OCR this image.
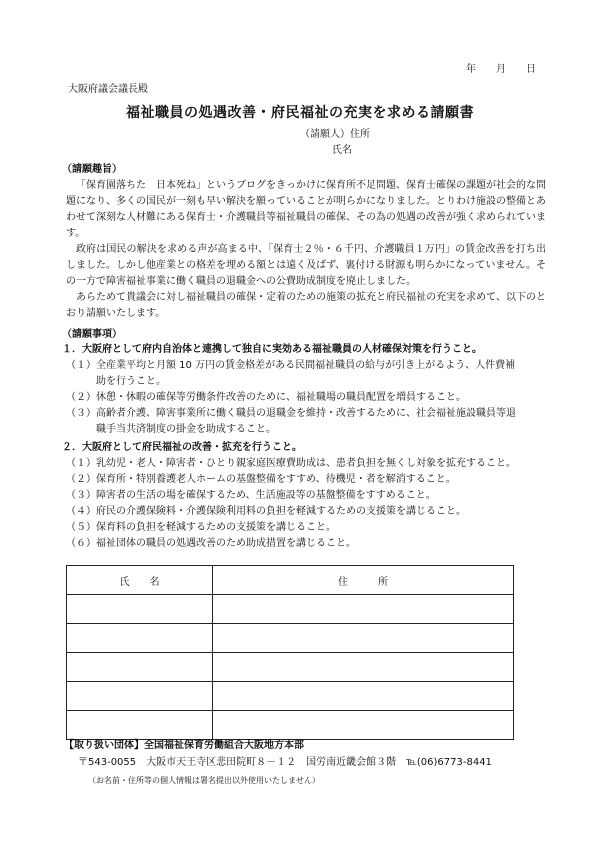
年　　月　　日
大阪府議会議長殿
福祉職員の処遇改善・府民福祉の充実を求める請願書
（請願人）住所
氏名
（請願趣旨）

「保育園落ちた　日本死ね」というブログをきっかけに保育所不足問題、保育士確保の課題が社会的な問題になり、多くの国民が一刻も早い解決を願っていることが明らかになりました。とりわけ施設の整備とあわせて深刻な人材難にある保育士・介護職員等福祉職員の確保、その為の処遇の改善が強く求められています。

政府は国民の解決を求める声が高まる中、「保育士２％・６千円、介護職員１万円」の賃金改善を打ち出しました。しかし他産業との格差を埋める額とは遠く及ばず、裏付ける財源も明らかになっていません。その一方で障害福祉事業に働く職員の退職金への公費助成制度を廃止しました。

あらためて貴議会に対し福祉職員の確保・定着のための施策の拡充と府民福祉の充実を求めて、以下のとおり請願いたします。

（請願事項）
１．大阪府として府内自治体と連携して独自に実効ある福祉職員の人材確保対策を行うこと。
（１）全産業平均と月額 10 万円の賃金格差がある民間福祉職員の給与が引き上がるよう、人件費補
助を行うこと。
（２）休憩・休暇の確保等労働条件改善のために、福祉職場の職員配置を増員すること。
（３）高齢者介護、障害事業所に働く職員の退職金を維持・改善するために、社会福祉施設職員等退
職手当共済制度の掛金を助成すること。
２．大阪府として府民福祉の改善・拡充を行うこと。
（１）乳幼児・老人・障害者・ひとり親家庭医療費助成は、患者負担を無くし対象を拡充すること。
（２）保育所・特別養護老人ホームの基盤整備をすすめ、待機児・者を解消すること。
（３）障害者の生活の場を確保するため、生活施設等の基盤整備をすすめること。
（４）府民の介護保険料・介護保険利用料の負担を軽減するための支援策を講じること。
（５）保育料の負担を軽減するための支援策を講じること。
（６）福祉団体の職員の処遇改善のため助成措置を講じること。
氏　　名	住　　　所

【取り扱い団体】全国福祉保育労働組合大阪地方本部
〒543-0055　大阪市天王寺区悲田院町８－１２　国労南近畿会館３階　℡(06)6773-8441
（お名前・住所等の個人情報は署名提出以外使用いたしません）
